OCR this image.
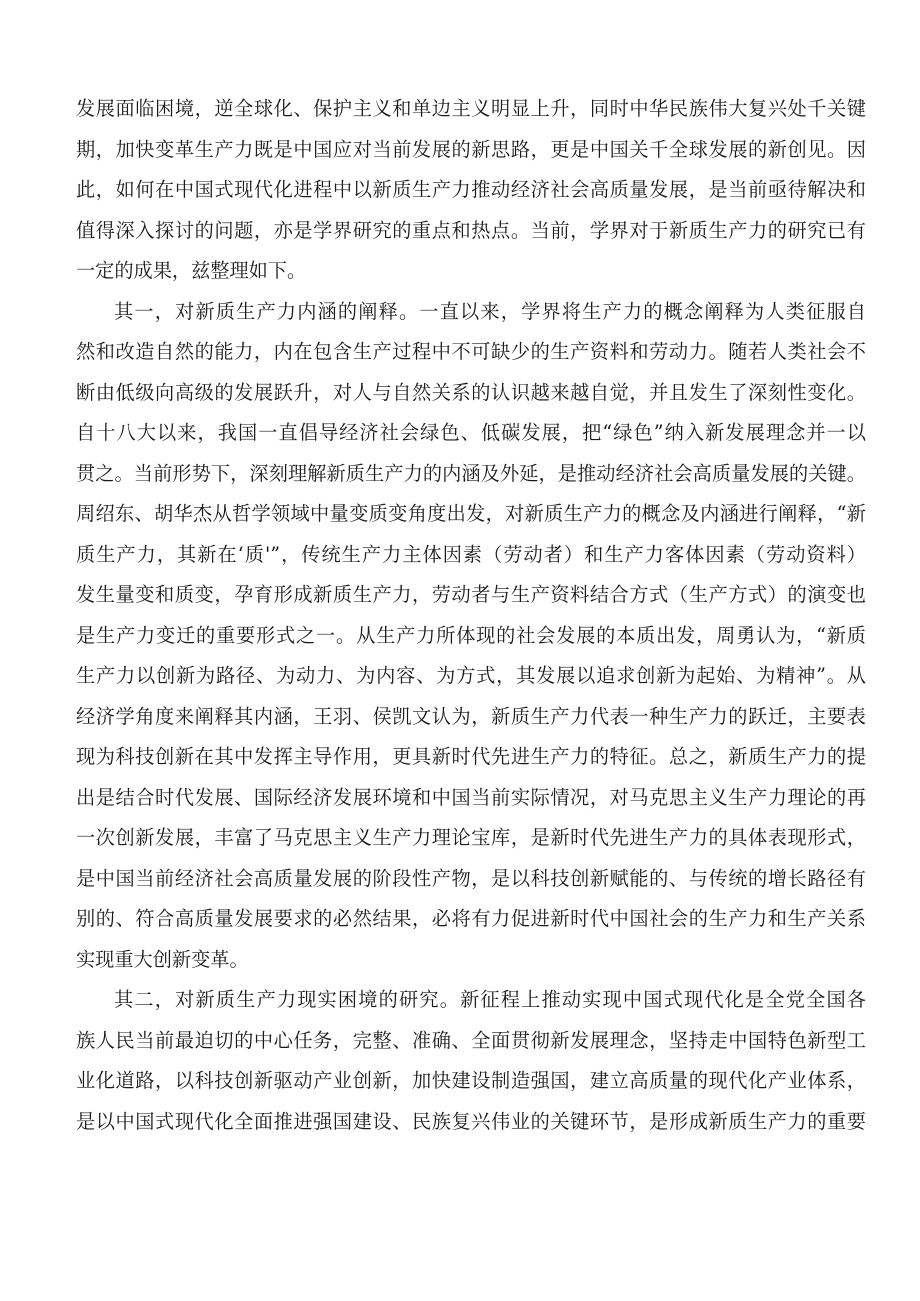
发展面临困境，逆全球化、保护主义和单边主义明显上升，同时中华民族伟大复兴处千关键
期，加快变革生产力既是中国应对当前发展的新思路，更是中国关千全球发展的新创见。因
此，如何在中国式现代化进程中以新质生产力推动经济社会高质量发展，是当前亟待解决和
值得深入探讨的问题，亦是学界研究的重点和热点。当前，学界对于新质生产力的研究已有
一定的成果，兹整理如下。
其一，对新质生产力内涵的阐释。一直以来，学界将生产力的概念阐释为人类征服自
然和改造自然的能力，内在包含生产过程中不可缺少的生产资料和劳动力。随若人类社会不
断由低级向高级的发展跃升，对人与自然关系的认识越来越自觉，并且发生了深刻性变化。
自十八大以来，我国一直倡导经济社会绿色、低碳发展，把“绿色”纳入新发展理念并一以
贯之。当前形势下，深刻理解新质生产力的内涵及外延，是推动经济社会高质量发展的关键。
周绍东、胡华杰从哲学领域中量变质变角度出发，对新质生产力的概念及内涵进行阐释，“新
质生产力，其新在‘质'”，传统生产力主体因素（劳动者）和生产力客体因素（劳动资料）
发生量变和质变，孕育形成新质生产力，劳动者与生产资料结合方式（生产方式）的演变也
是生产力变迁的重要形式之一。从生产力所体现的社会发展的本质出发，周勇认为，“新质
生产力以创新为路径、为动力、为内容、为方式，其发展以追求创新为起始、为精神”。从
经济学角度来阐释其内涵，王羽、侯凯文认为，新质生产力代表一种生产力的跃迁，主要表
现为科技创新在其中发挥主导作用，更具新时代先进生产力的特征。总之，新质生产力的提
出是结合时代发展、国际经济发展环境和中国当前实际情况，对马克思主义生产力理论的再
一次创新发展，丰富了马克思主义生产力理论宝库，是新时代先进生产力的具体表现形式，
是中国当前经济社会高质量发展的阶段性产物，是以科技创新赋能的、与传统的增长路径有
别的、符合高质量发展要求的必然结果，必将有力促进新时代中国社会的生产力和生产关系
实现重大创新变革。
其二，对新质生产力现实困境的研究。新征程上推动实现中国式现代化是全党全国各
族人民当前最迫切的中心任务，完整、准确、全面贯彻新发展理念，坚持走中国特色新型工
业化道路，以科技创新驱动产业创新，加快建设制造强国，建立高质量的现代化产业体系，
是以中国式现代化全面推进强国建设、民族复兴伟业的关键环节，是形成新质生产力的重要
